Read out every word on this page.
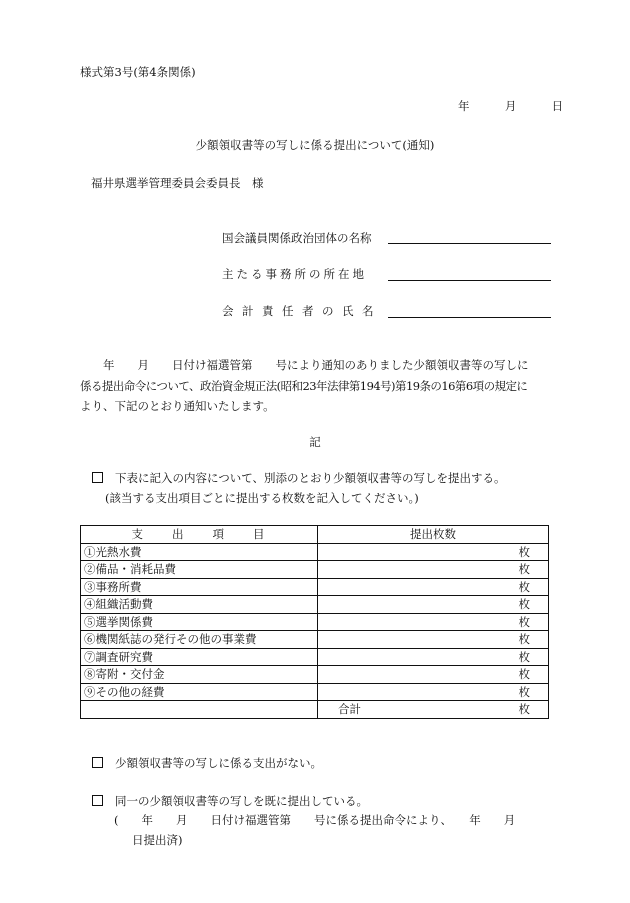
様式第3号(第4条関係)
年	月	日
少額領収書等の写しに係る提出について(通知)
福井県選挙管理委員会委員長　様
国会議員関係政治団体の名称
主たる事務所の所在地
会計責任者の氏名
　　年　　月　　日付け福選管第　　号により通知のありました少額領収書等の写しに
係る提出命令について、政治資金規正法(昭和23年法律第194号)第19条の16第6項の規定に
より、下記のとおり通知いたします。
記
下表に記入の内容について、別添のとおり少額領収書等の写しを提出する。
(該当する支出項目ごとに提出する枚数を記入してください。)
支　　出　　項　　目	提出枚数
①光熱水費	枚
②備品・消耗品費	枚
③事務所費	枚
④組織活動費	枚
⑤選挙関係費	枚
⑥機関紙誌の発行その他の事業費	枚
⑦調査研究費	枚
⑧寄附・交付金	枚
⑨その他の経費	枚

	合計 枚
少額領収書等の写しに係る支出がない。
同一の少額領収書等の写しを既に提出している。
(　　年　　月　　日付け福選管第　　号に係る提出命令により、　　年　　月
日提出済)
